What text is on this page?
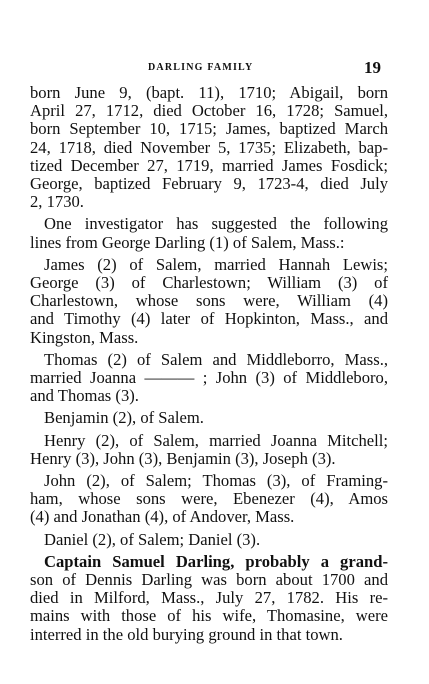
DARLING FAMILY	19
born June 9, (bapt. 11), 1710; Abigail, born
April 27, 1712, died October 16, 1728; Samuel,
born September 10, 1715; James, baptized March
24, 1718, died November 5, 1735; Elizabeth, bap-
tized December 27, 1719, married James Fosdick;
George, baptized February 9, 1723-4, died July
2, 1730.
One investigator has suggested the following
lines from George Darling (1) of Salem, Mass.:
James (2) of Salem, married Hannah Lewis;
George (3) of Charlestown; William (3) of
Charlestown, whose sons were, William (4)
and Timothy (4) later of Hopkinton, Mass., and
Kingston, Mass.
Thomas (2) of Salem and Middleborro, Mass.,
married Joanna ——— ; John (3) of Middleboro,
and Thomas (3).
Benjamin (2), of Salem.
Henry (2), of Salem, married Joanna Mitchell;
Henry (3), John (3), Benjamin (3), Joseph (3).
John (2), of Salem; Thomas (3), of Framing-
ham, whose sons were, Ebenezer (4), Amos
(4) and Jonathan (4), of Andover, Mass.
Daniel (2), of Salem; Daniel (3).
Captain Samuel Darling, probably a grand-
son of Dennis Darling was born about 1700 and
died in Milford, Mass., July 27, 1782. His re-
mains with those of his wife, Thomasine, were
interred in the old burying ground in that town.
